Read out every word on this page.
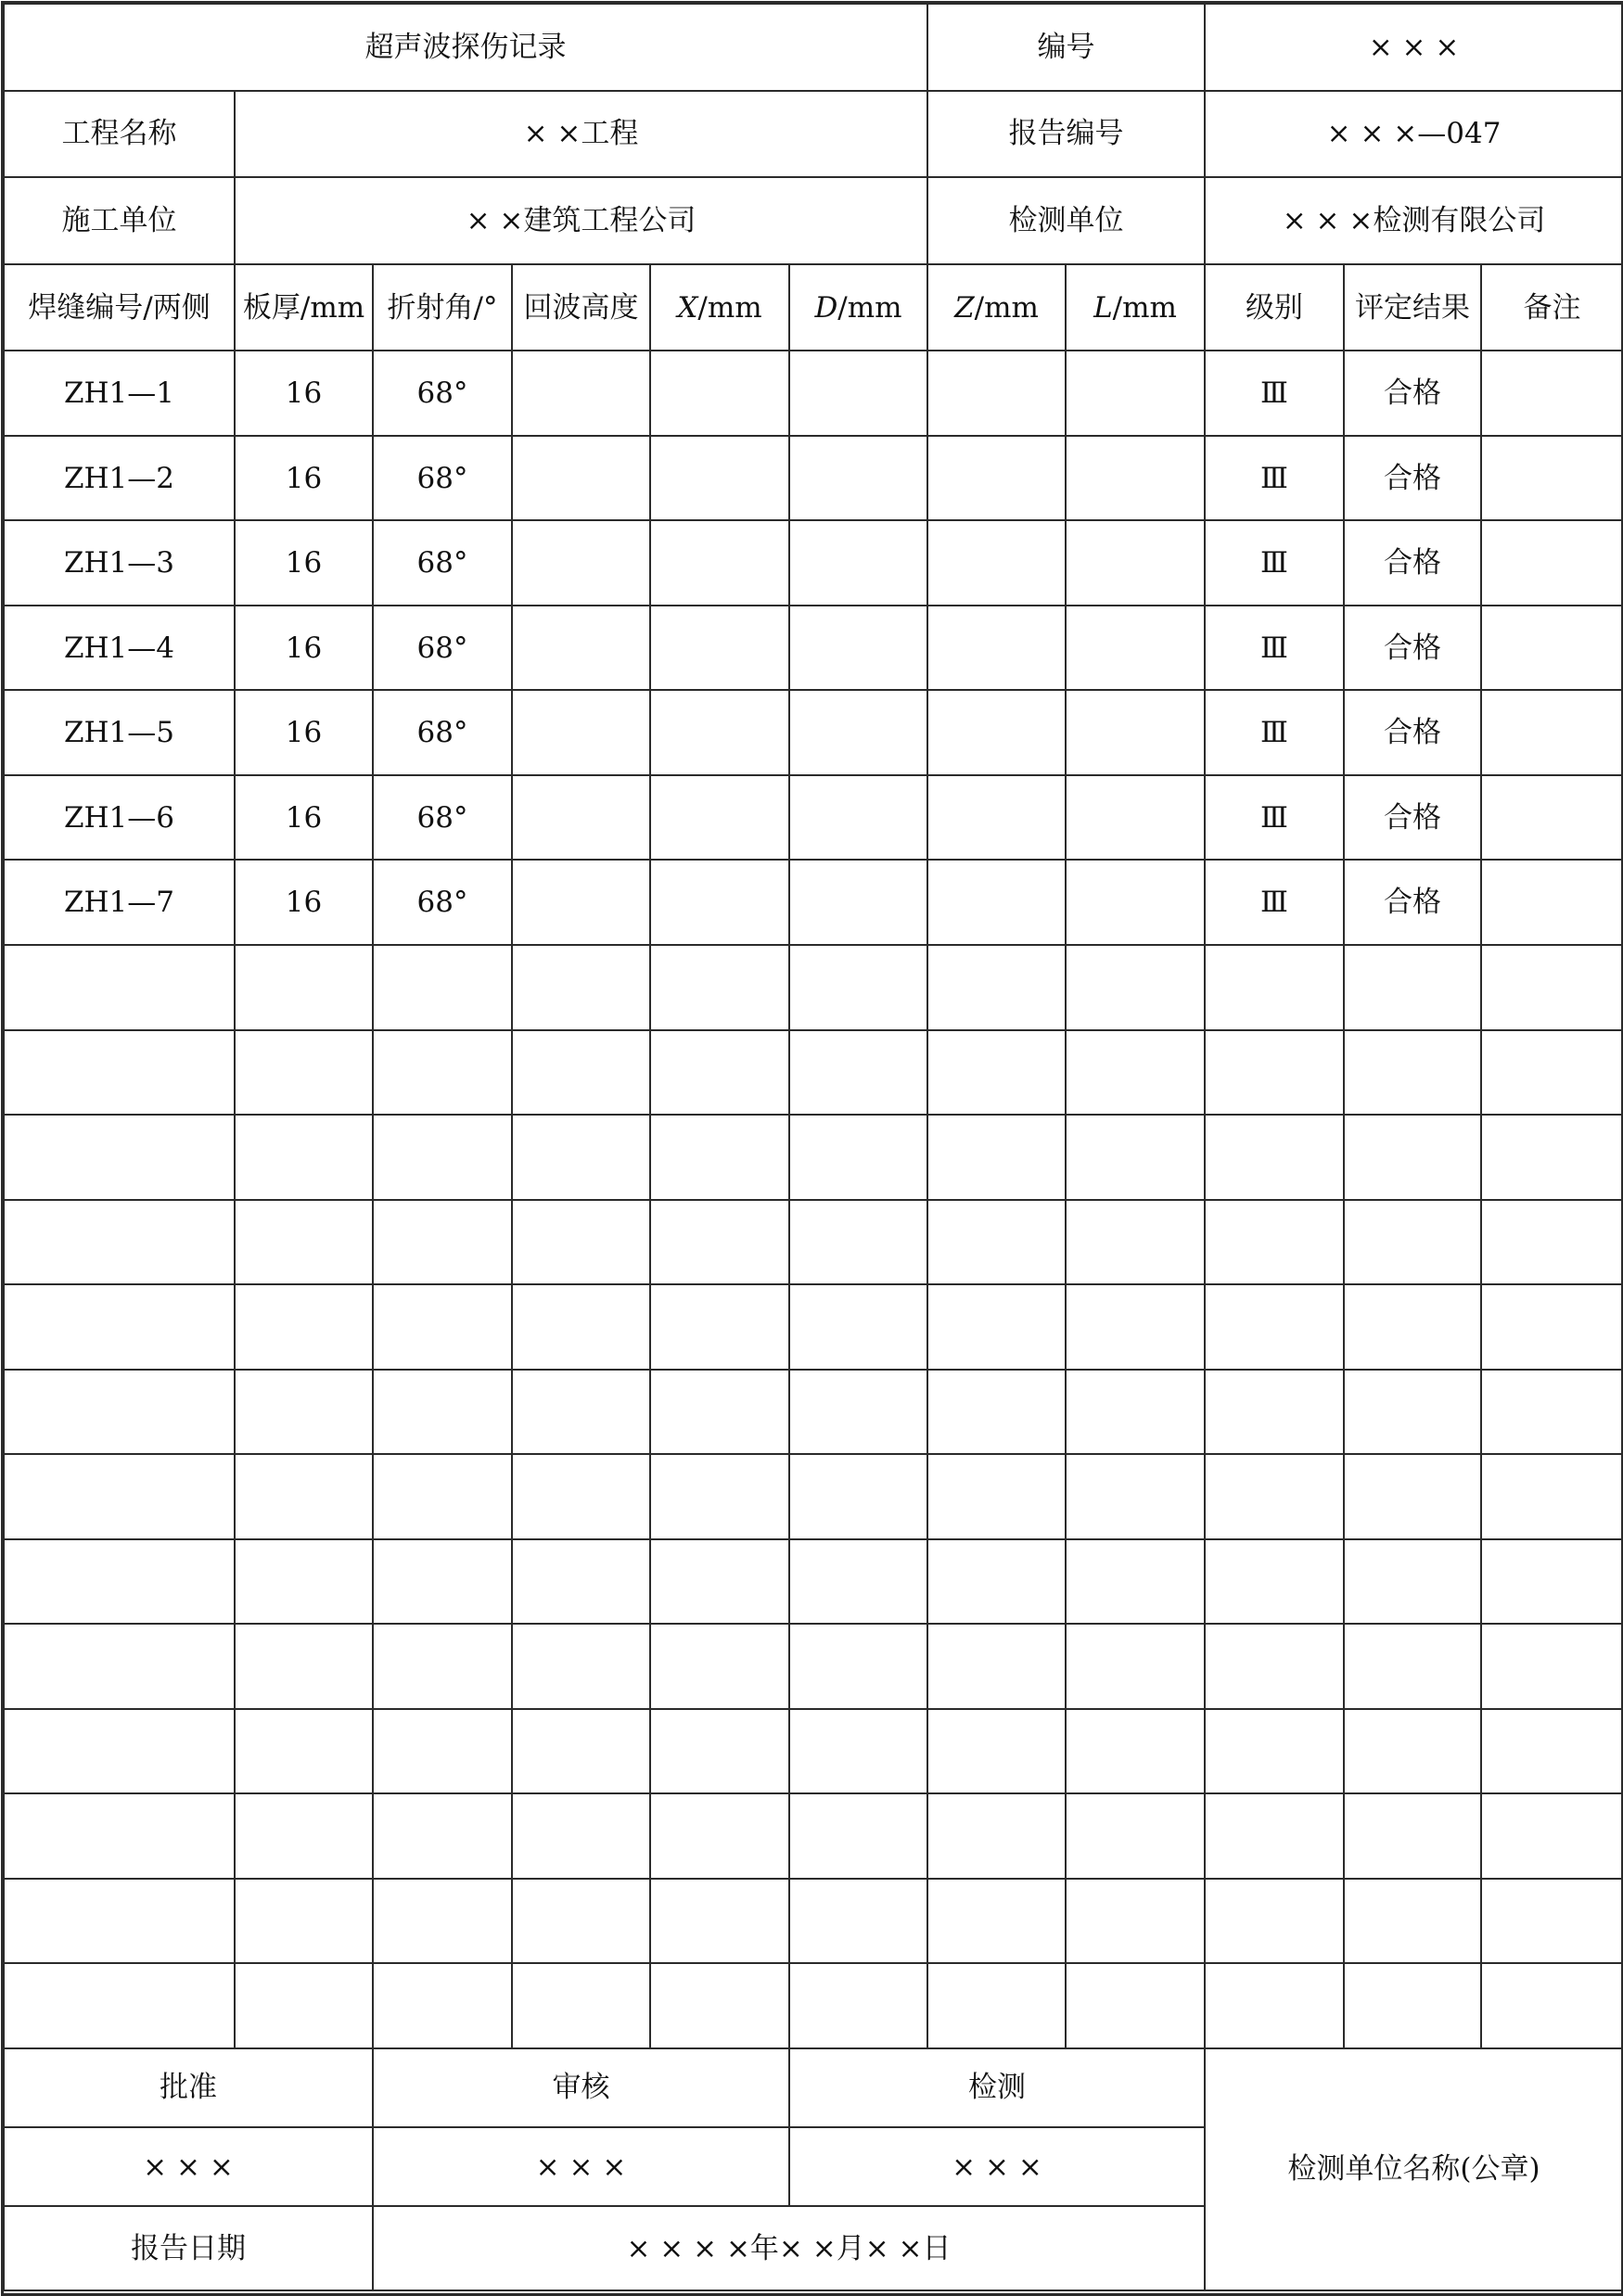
超声波探伤记录						编号		× × ×		
工程名称	× ×工程					报告编号		× × ×—047		
施工单位	× ×建筑工程公司					检测单位		× × ×检测有限公司		
焊缝编号/两侧	板厚/mm	折射角/°	回波高度	X/mm	D/mm	Z/mm	L/mm	级别	评定结果	备注
ZH1—1	16	68°						Ⅲ	合格	
ZH1—2	16	68°						Ⅲ	合格	
ZH1—3	16	68°						Ⅲ	合格	
ZH1—4	16	68°						Ⅲ	合格	
ZH1—5	16	68°						Ⅲ	合格	
ZH1—6	16	68°						Ⅲ	合格	
ZH1—7	16	68°						Ⅲ	合格	

批准		审核			检测			检测单位名称(公章)		
× × ×		× × ×			× × ×					
报告日期		× × × ×年× ×月× ×日								
